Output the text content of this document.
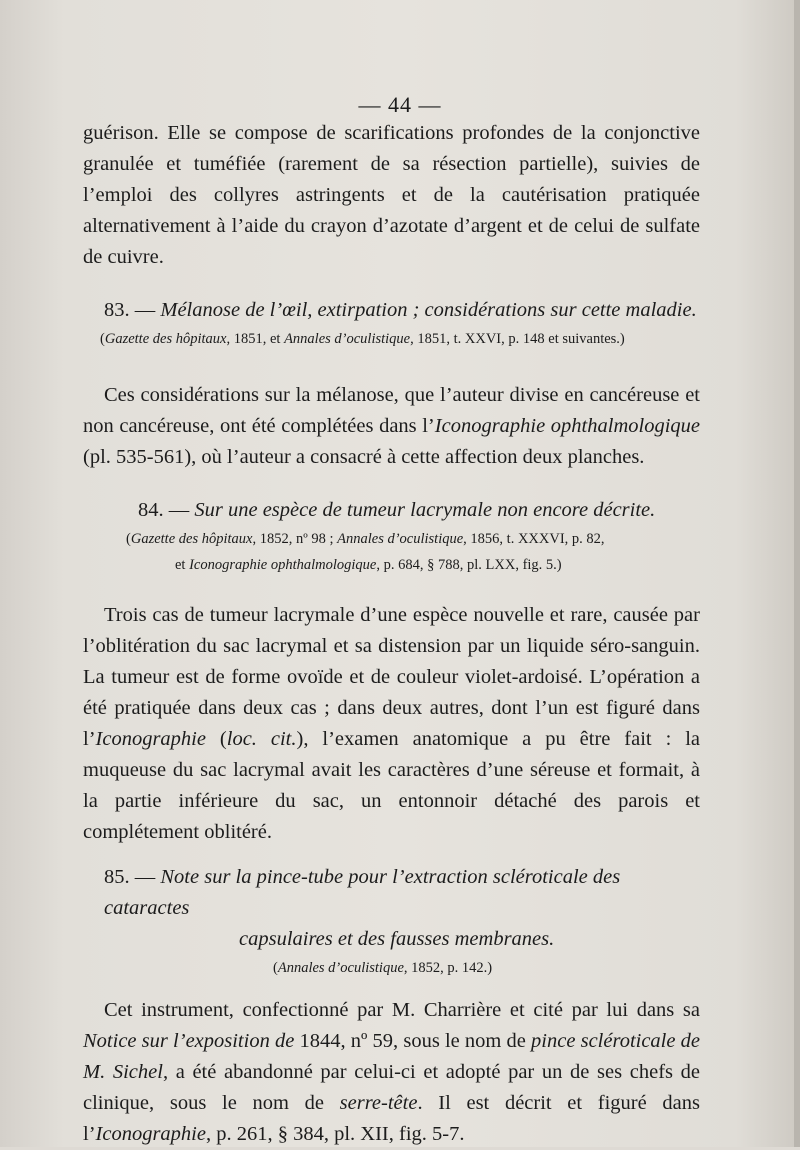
— 44 —

guérison. Elle se compose de scarifications profondes de la conjonctive granulée et tuméfiée (rarement de sa résection partielle), suivies de l’emploi des collyres astringents et de la cautérisation pratiquée alternativement à l’aide du crayon d’azotate d’argent et de celui de sulfate de cuivre.

83. — Mélanose de l’œil, extirpation ; considérations sur cette maladie.
(Gazette des hôpitaux, 1851, et Annales d’oculistique, 1851, t. XXVI, p. 148 et suivantes.)

Ces considérations sur la mélanose, que l’auteur divise en cancéreuse et non cancéreuse, ont été complétées dans l’Iconographie ophthalmologique (pl. 535-561), où l’auteur a consacré à cette affection deux planches.

84. — Sur une espèce de tumeur lacrymale non encore décrite.
(Gazette des hôpitaux, 1852, nº 98 ; Annales d’oculistique, 1856, t. XXXVI, p. 82,
et Iconographie ophthalmologique, p. 684, § 788, pl. LXX, fig. 5.)

Trois cas de tumeur lacrymale d’une espèce nouvelle et rare, causée par l’oblitération du sac lacrymal et sa distension par un liquide séro-sanguin. La tumeur est de forme ovoïde et de couleur violet-ardoisé. L’opération a été pratiquée dans deux cas ; dans deux autres, dont l’un est figuré dans l’Iconographie (loc. cit.), l’examen anatomique a pu être fait : la muqueuse du sac lacrymal avait les caractères d’une séreuse et formait, à la partie inférieure du sac, un entonnoir détaché des parois et complétement oblitéré.

85. — Note sur la pince-tube pour l’extraction scléroticale des cataractes
capsulaires et des fausses membranes.
(Annales d’oculistique, 1852, p. 142.)

Cet instrument, confectionné par M. Charrière et cité par lui dans sa Notice sur l’exposition de 1844, nº 59, sous le nom de pince scléroticale de M. Sichel, a été abandonné par celui-ci et adopté par un de ses chefs de clinique, sous le nom de serre-tête. Il est décrit et figuré dans l’Iconographie, p. 261, § 384, pl. XII, fig. 5-7.
